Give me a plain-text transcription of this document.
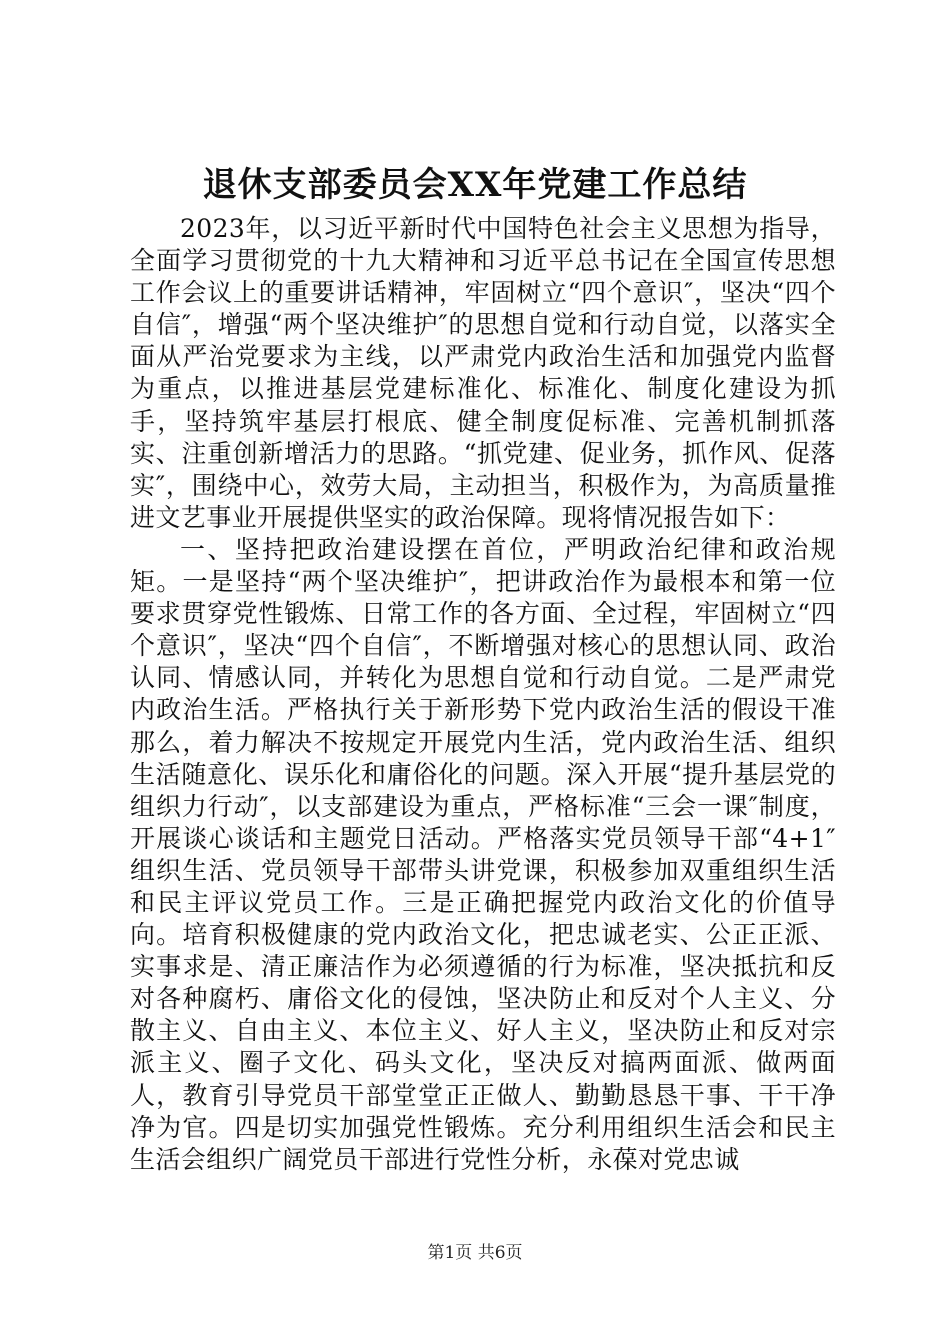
退休支部委员会XX年党建工作总结

2023年，以习近平新时代中国特色社会主义思想为指导，全面学习贯彻党的十九大精神和习近平总书记在全国宣传思想工作会议上的重要讲话精神，牢固树立“四个意识″，坚决“四个自信″，增强“两个坚决维护″的思想自觉和行动自觉，以落实全面从严治党要求为主线，以严肃党内政治生活和加强党内监督为重点，以推进基层党建标准化、标准化、制度化建设为抓手，坚持筑牢基层打根底、健全制度促标准、完善机制抓落实、注重创新增活力的思路。“抓党建、促业务，抓作风、促落实″，围绕中心，效劳大局，主动担当，积极作为，为高质量推进文艺事业开展提供坚实的政治保障。现将情况报告如下：

一、坚持把政治建设摆在首位，严明政治纪律和政治规矩。一是坚持“两个坚决维护″，把讲政治作为最根本和第一位要求贯穿党性锻炼、日常工作的各方面、全过程，牢固树立“四个意识″，坚决“四个自信″，不断增强对核心的思想认同、政治认同、情感认同，并转化为思想自觉和行动自觉。二是严肃党内政治生活。严格执行关于新形势下党内政治生活的假设干准那么，着力解决不按规定开展党内生活，党内政治生活、组织生活随意化、误乐化和庸俗化的问题。深入开展“提升基层党的组织力行动″，以支部建设为重点，严格标准“三会一课″制度，开展谈心谈话和主题党日活动。严格落实党员领导干部“4+1″组织生活、党员领导干部带头讲党课，积极参加双重组织生活和民主评议党员工作。三是正确把握党内政治文化的价值导向。培育积极健康的党内政治文化，把忠诚老实、公正正派、实事求是、清正廉洁作为必须遵循的行为标准，坚决抵抗和反对各种腐朽、庸俗文化的侵蚀，坚决防止和反对个人主义、分散主义、自由主义、本位主义、好人主义，坚决防止和反对宗派主义、圈子文化、码头文化，坚决反对搞两面派、做两面人，教育引导党员干部堂堂正正做人、勤勤恳恳干事、干干净净为官。四是切实加强党性锻炼。充分利用组织生活会和民主生活会组织广阔党员干部进行党性分析，永葆对党忠诚

第1页 共6页
